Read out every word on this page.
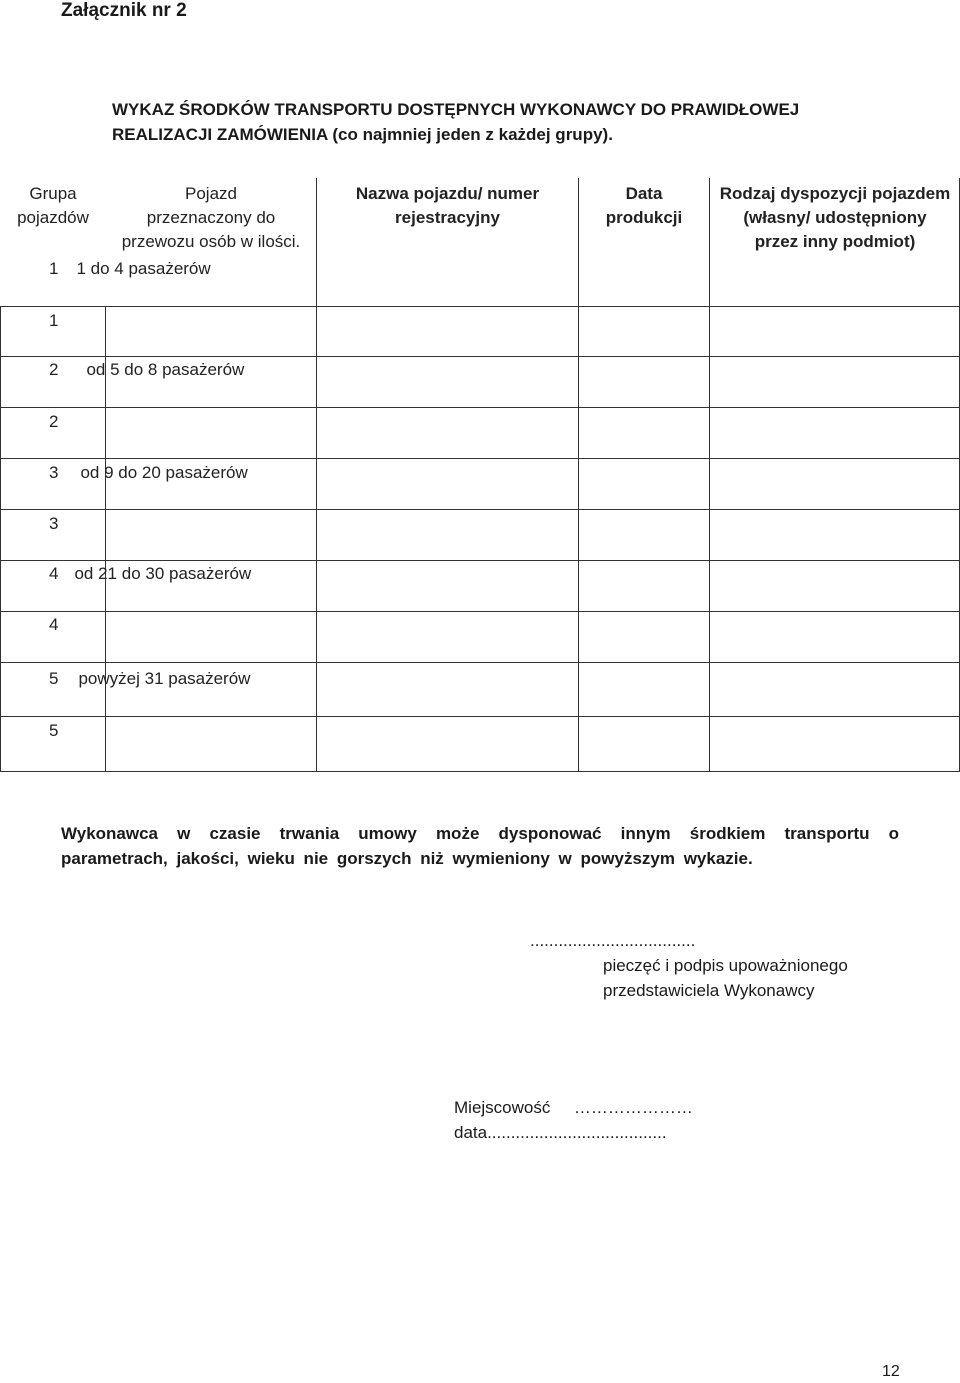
Załącznik nr 2
WYKAZ ŚRODKÓW TRANSPORTU DOSTĘPNYCH WYKONAWCY DO PRAWIDŁOWEJ
REALIZACJI ZAMÓWIENIA (co najmniej jeden z każdej grupy).
Grupa
pojazdów
Pojazd
przeznaczony do
przewozu osób w ilości.
Nazwa pojazdu/ numer
rejestracyjny
Data
produkcji
Rodzaj dyspozycji pojazdem
(własny/ udostępniony
przez inny podmiot)
1 1 do 4 pasażerów
1
2 od 5 do 8 pasażerów
2
3 od 9 do 20 pasażerów
3
4 od 21 do 30 pasażerów
4
5 powyżej 31 pasażerów
5
Wykonawca w czasie trwania umowy może dysponować innym środkiem transportu o parametrach, jakości, wieku nie gorszych niż wymieniony w powyższym wykazie.
...................................
pieczęć i podpis upoważnionego
przedstawiciela Wykonawcy
Miejscowość …………………
data......................................
12
